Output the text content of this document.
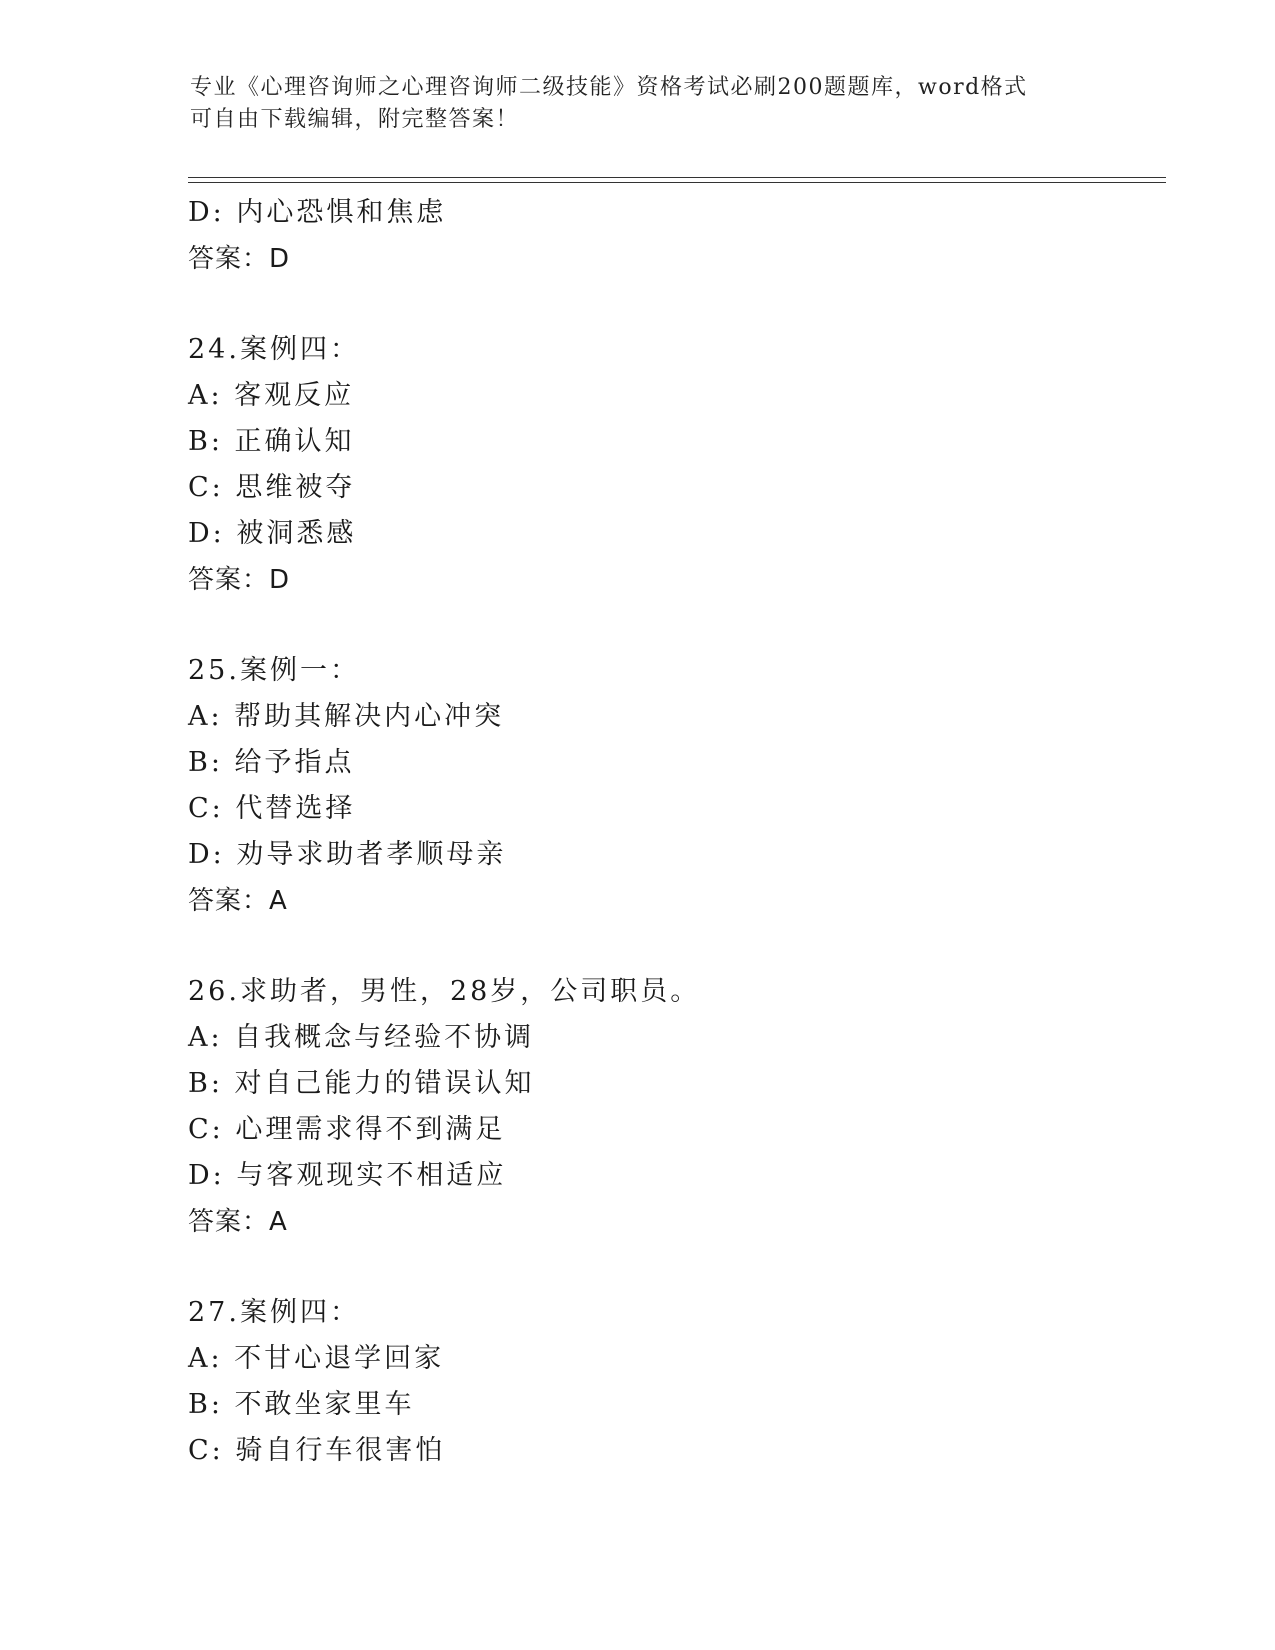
专业《心理咨询师之心理咨询师二级技能》资格考试必刷200题题库，word格式
可自由下载编辑，附完整答案！
D: 内心恐惧和焦虑
答案：D
24.案例四：
A: 客观反应
B: 正确认知
C: 思维被夺
D: 被洞悉感
答案：D
25.案例一：
A: 帮助其解决内心冲突
B: 给予指点
C: 代替选择
D: 劝导求助者孝顺母亲
答案：A
26.求助者，男性，28岁，公司职员。
A: 自我概念与经验不协调
B: 对自己能力的错误认知
C: 心理需求得不到满足
D: 与客观现实不相适应
答案：A
27.案例四：
A: 不甘心退学回家
B: 不敢坐家里车
C: 骑自行车很害怕
